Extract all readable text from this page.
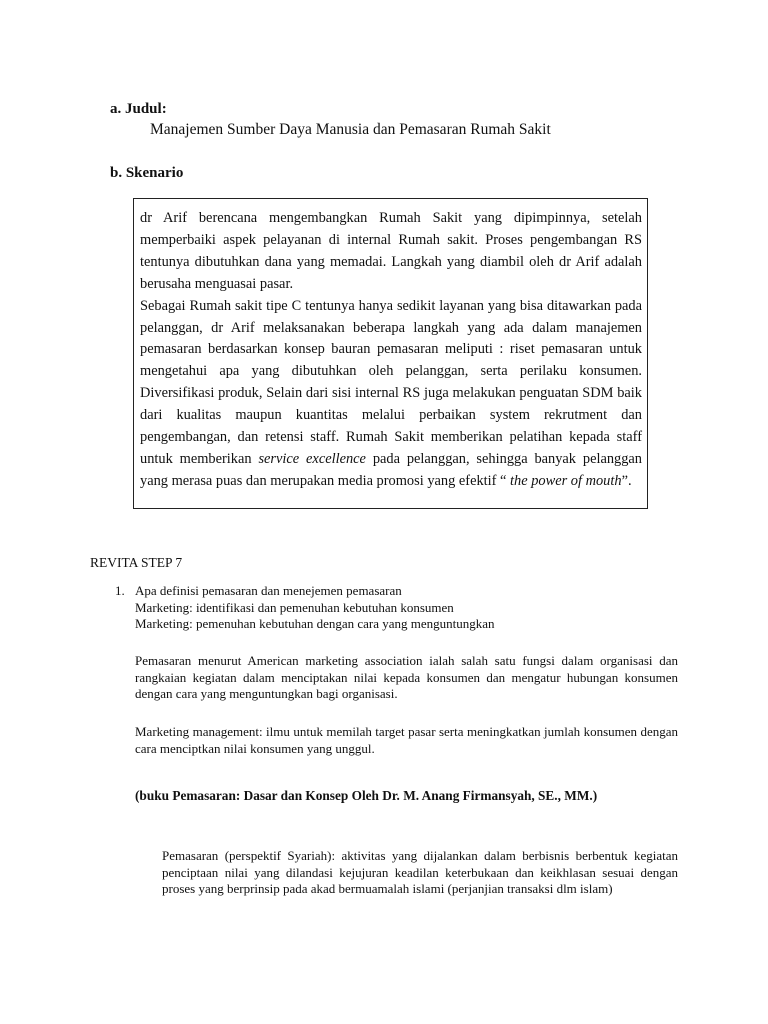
a. Judul:
Manajemen Sumber Daya Manusia dan Pemasaran Rumah Sakit
b. Skenario

dr Arif berencana mengembangkan Rumah Sakit yang dipimpinnya, setelah memperbaiki aspek pelayanan di internal Rumah sakit. Proses pengembangan RS tentunya dibutuhkan dana yang memadai. Langkah yang diambil oleh dr Arif adalah berusaha menguasai pasar.

Sebagai Rumah sakit tipe C tentunya hanya sedikit layanan yang bisa ditawarkan pada pelanggan, dr Arif melaksanakan beberapa langkah yang ada dalam manajemen pemasaran berdasarkan konsep bauran pemasaran meliputi : riset pemasaran untuk mengetahui apa yang dibutuhkan oleh pelanggan, serta perilaku konsumen. Diversifikasi produk, Selain dari sisi internal RS juga melakukan penguatan SDM baik dari kualitas maupun kuantitas melalui perbaikan system rekrutment dan pengembangan, dan retensi staff. Rumah Sakit memberikan pelatihan kepada staff untuk memberikan service excellence pada pelanggan, sehingga banyak pelanggan yang merasa puas dan merupakan media promosi yang efektif “ the power of mouth”.

REVITA STEP 7
1. Apa definisi pemasaran dan menejemen pemasaran
Marketing: identifikasi dan pemenuhan kebutuhan konsumen
Marketing: pemenuhan kebutuhan dengan cara yang menguntungkan
Pemasaran menurut American marketing association ialah salah satu fungsi dalam organisasi dan rangkaian kegiatan dalam menciptakan nilai kepada konsumen dan mengatur hubungan konsumen dengan cara yang menguntungkan bagi organisasi.
Marketing management: ilmu untuk memilah target pasar serta meningkatkan jumlah konsumen dengan cara menciptkan nilai konsumen yang unggul.
(buku Pemasaran: Dasar dan Konsep Oleh Dr. M. Anang Firmansyah, SE., MM.)
Pemasaran (perspektif Syariah): aktivitas yang dijalankan dalam berbisnis berbentuk kegiatan penciptaan nilai yang dilandasi kejujuran keadilan keterbukaan dan keikhlasan sesuai dengan proses yang berprinsip pada akad bermuamalah islami (perjanjian transaksi dlm islam)
